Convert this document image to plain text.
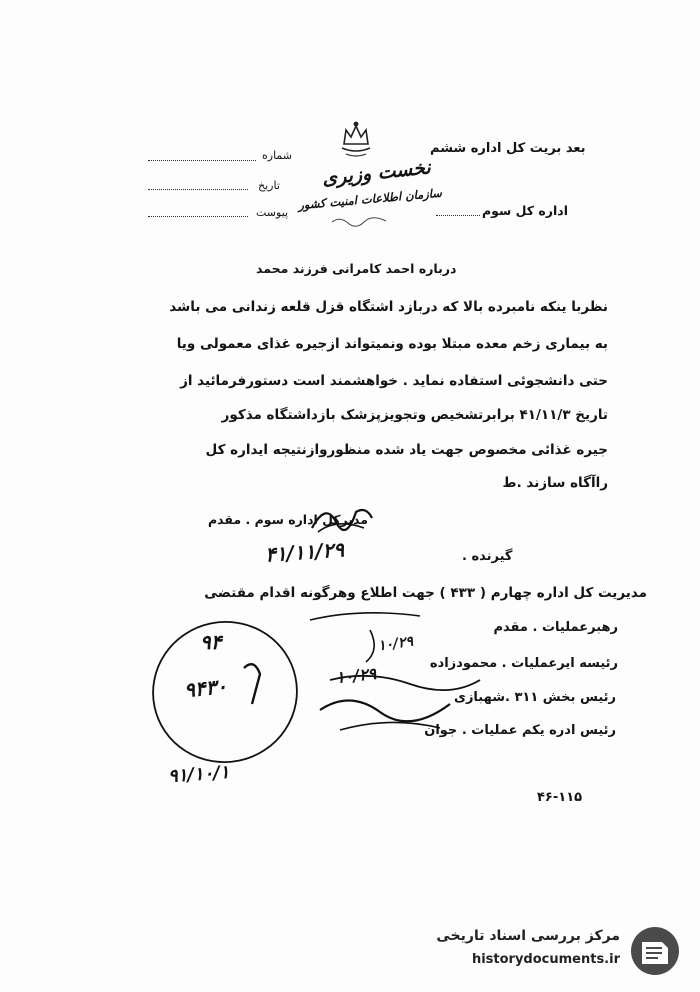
نخست وزیری
سازمان اطلاعات امنیت کشور
شماره
تاریخ
پیوست
بعد بریت کل اداره ششم
اداره کل سوم
درباره احمد کامرانی فرزند محمد
نظربا ینکه نامبرده بالا که دربازد اشتگاه قزل قلعه زندانی می باشد
به بیماری زخم معده مبتلا بوده ونمیتواند ازجیره غذای معمولی ویا
حتی دانشجوئی استفاده نماید . خواهشمند است دستورفرمائید از
تاریخ ۴۱/۱۱/۳ برابرتشخیص وتجویزپزشک بازداشتگاه مذکور
جیره غذائی مخصوص جهت یاد شده منظوروازنتیجه ایداره کل
راآگاه سازند .ط
مدیرکل اداره سوم . مقدم
۴۱/۱۱/۲۹	گیرنده .
مدیریت کل اداره چهارم ( ۴۳۳ ) جهت اطلاع وهرگونه اقدام مقتضی
رهبرعملیات . مقدم
رئیسه ایرعملیات . محمودزاده
رئیس بخش ۳۱۱ .شهبازی
رئیس ادره یکم عملیات . جوان
۱۰/۲۹
۱۰/۲۹
۹۴
۹۴۳۰
۹۱/۱۰/۱
۴۶-۱۱۵
مرکز بررسی اسناد تاریخی
historydocuments.ir
